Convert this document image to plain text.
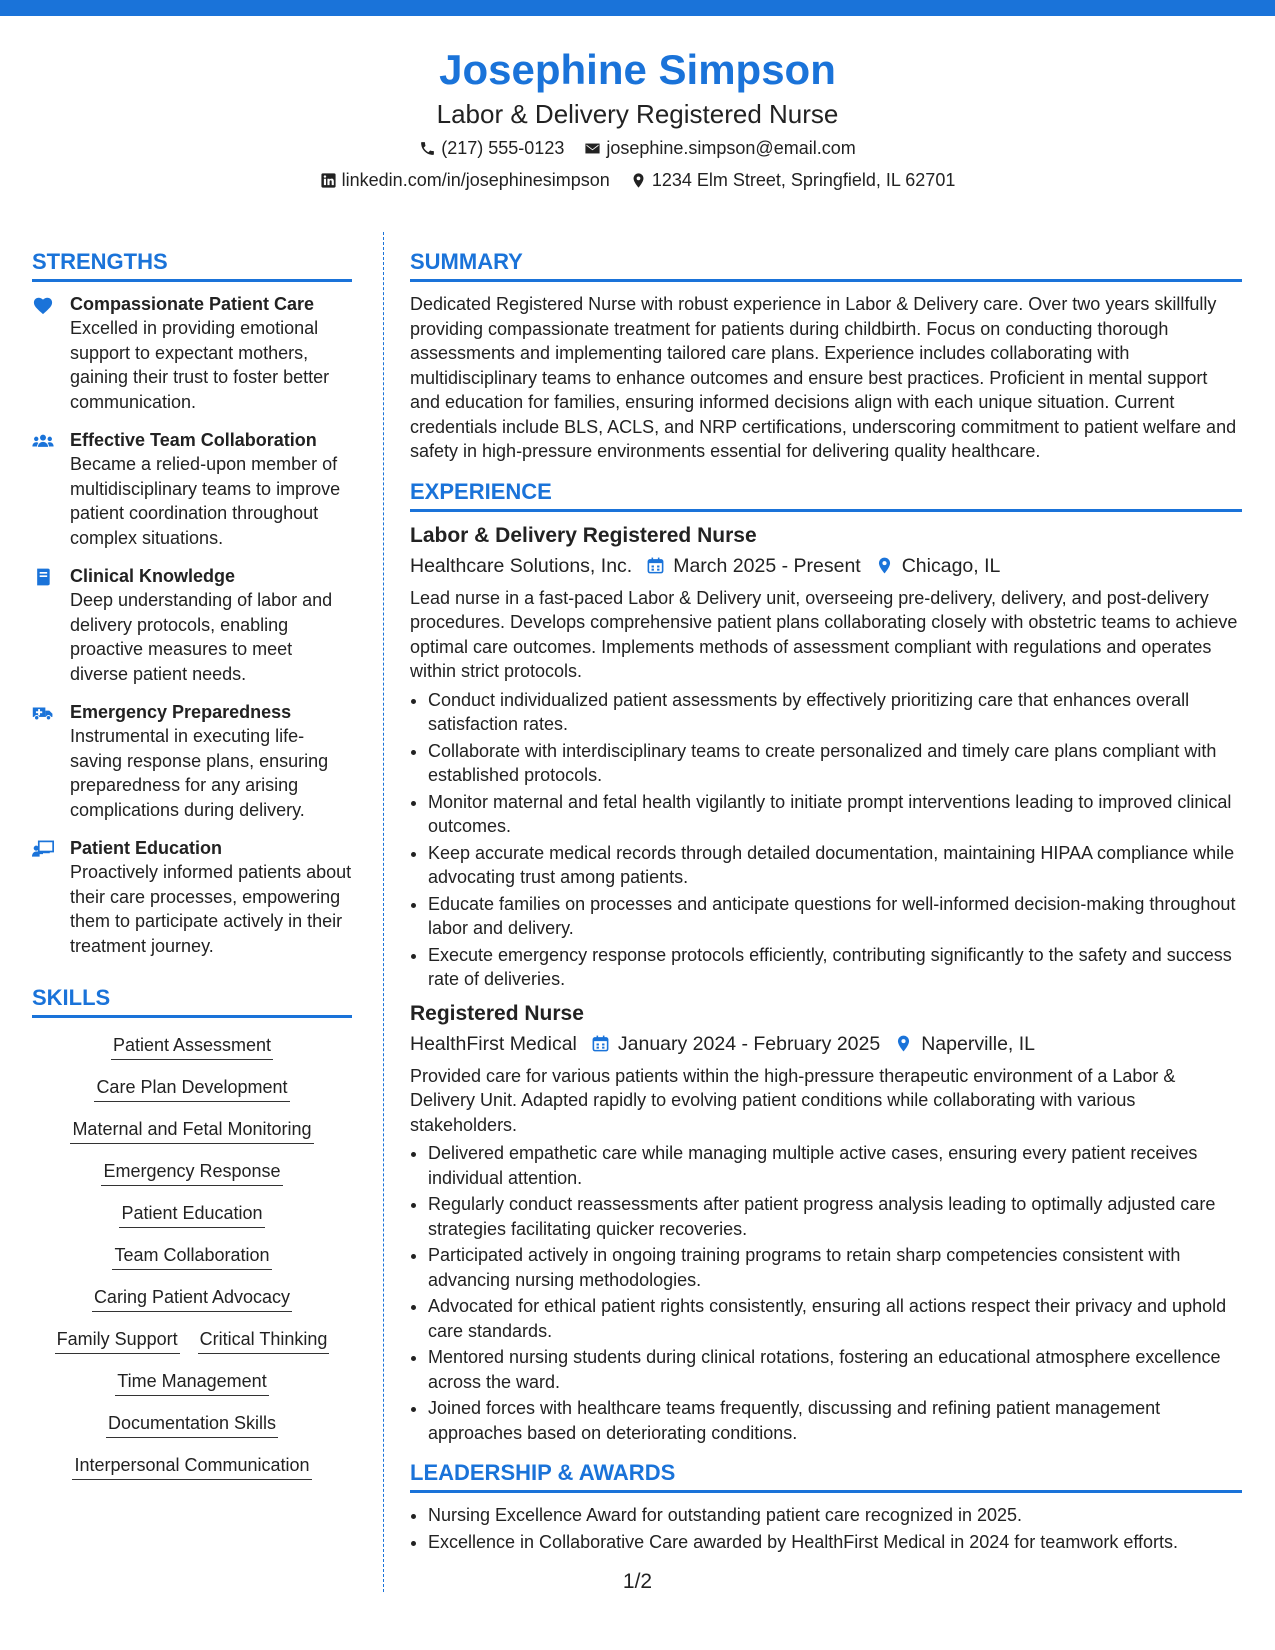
Josephine Simpson
Labor & Delivery Registered Nurse
(217) 555-0123 josephine.simpson@email.com
linkedin.com/in/josephinesimpson 1234 Elm Street, Springfield, IL 62701
STRENGTHS
Compassionate Patient Care
Excelled in providing emotional support to expectant mothers, gaining their trust to foster better communication.
Effective Team Collaboration
Became a relied-upon member of multidisciplinary teams to improve patient coordination throughout complex situations.
Clinical Knowledge
Deep understanding of labor and delivery protocols, enabling proactive measures to meet diverse patient needs.
Emergency Preparedness
Instrumental in executing life-saving response plans, ensuring preparedness for any arising complications during delivery.
Patient Education
Proactively informed patients about their care processes, empowering them to participate actively in their treatment journey.
SKILLS
Patient Assessment
Care Plan Development
Maternal and Fetal Monitoring
Emergency Response
Patient Education
Team Collaboration
Caring Patient Advocacy
Family Support Critical Thinking
Time Management
Documentation Skills
Interpersonal Communication
SUMMARY

Dedicated Registered Nurse with robust experience in Labor & Delivery care. Over two years skillfully providing compassionate treatment for patients during childbirth. Focus on conducting thorough assessments and implementing tailored care plans. Experience includes collaborating with multidisciplinary teams to enhance outcomes and ensure best practices. Proficient in mental support and education for families, ensuring informed decisions align with each unique situation. Current credentials include BLS, ACLS, and NRP certifications, underscoring commitment to patient welfare and safety in high-pressure environments essential for delivering quality healthcare.

EXPERIENCE
Labor & Delivery Registered Nurse
Healthcare Solutions, Inc. March 2025 - Present Chicago, IL

Lead nurse in a fast-paced Labor & Delivery unit, overseeing pre-delivery, delivery, and post-delivery procedures. Develops comprehensive patient plans collaborating closely with obstetric teams to achieve optimal care outcomes. Implements methods of assessment compliant with regulations and operates within strict protocols.

• Conduct individualized patient assessments by effectively prioritizing care that enhances overall satisfaction rates.
• Collaborate with interdisciplinary teams to create personalized and timely care plans compliant with established protocols.
• Monitor maternal and fetal health vigilantly to initiate prompt interventions leading to improved clinical outcomes.
• Keep accurate medical records through detailed documentation, maintaining HIPAA compliance while advocating trust among patients.
• Educate families on processes and anticipate questions for well-informed decision-making throughout labor and delivery.
• Execute emergency response protocols efficiently, contributing significantly to the safety and success rate of deliveries.
Registered Nurse
HealthFirst Medical January 2024 - February 2025 Naperville, IL

Provided care for various patients within the high-pressure therapeutic environment of a Labor & Delivery Unit. Adapted rapidly to evolving patient conditions while collaborating with various stakeholders.

• Delivered empathetic care while managing multiple active cases, ensuring every patient receives individual attention.
• Regularly conduct reassessments after patient progress analysis leading to optimally adjusted care strategies facilitating quicker recoveries.
• Participated actively in ongoing training programs to retain sharp competencies consistent with advancing nursing methodologies.
• Advocated for ethical patient rights consistently, ensuring all actions respect their privacy and uphold care standards.
• Mentored nursing students during clinical rotations, fostering an educational atmosphere excellence across the ward.
• Joined forces with healthcare teams frequently, discussing and refining patient management approaches based on deteriorating conditions.
LEADERSHIP & AWARDS
• Nursing Excellence Award for outstanding patient care recognized in 2025.
• Excellence in Collaborative Care awarded by HealthFirst Medical in 2024 for teamwork efforts.
1/2
